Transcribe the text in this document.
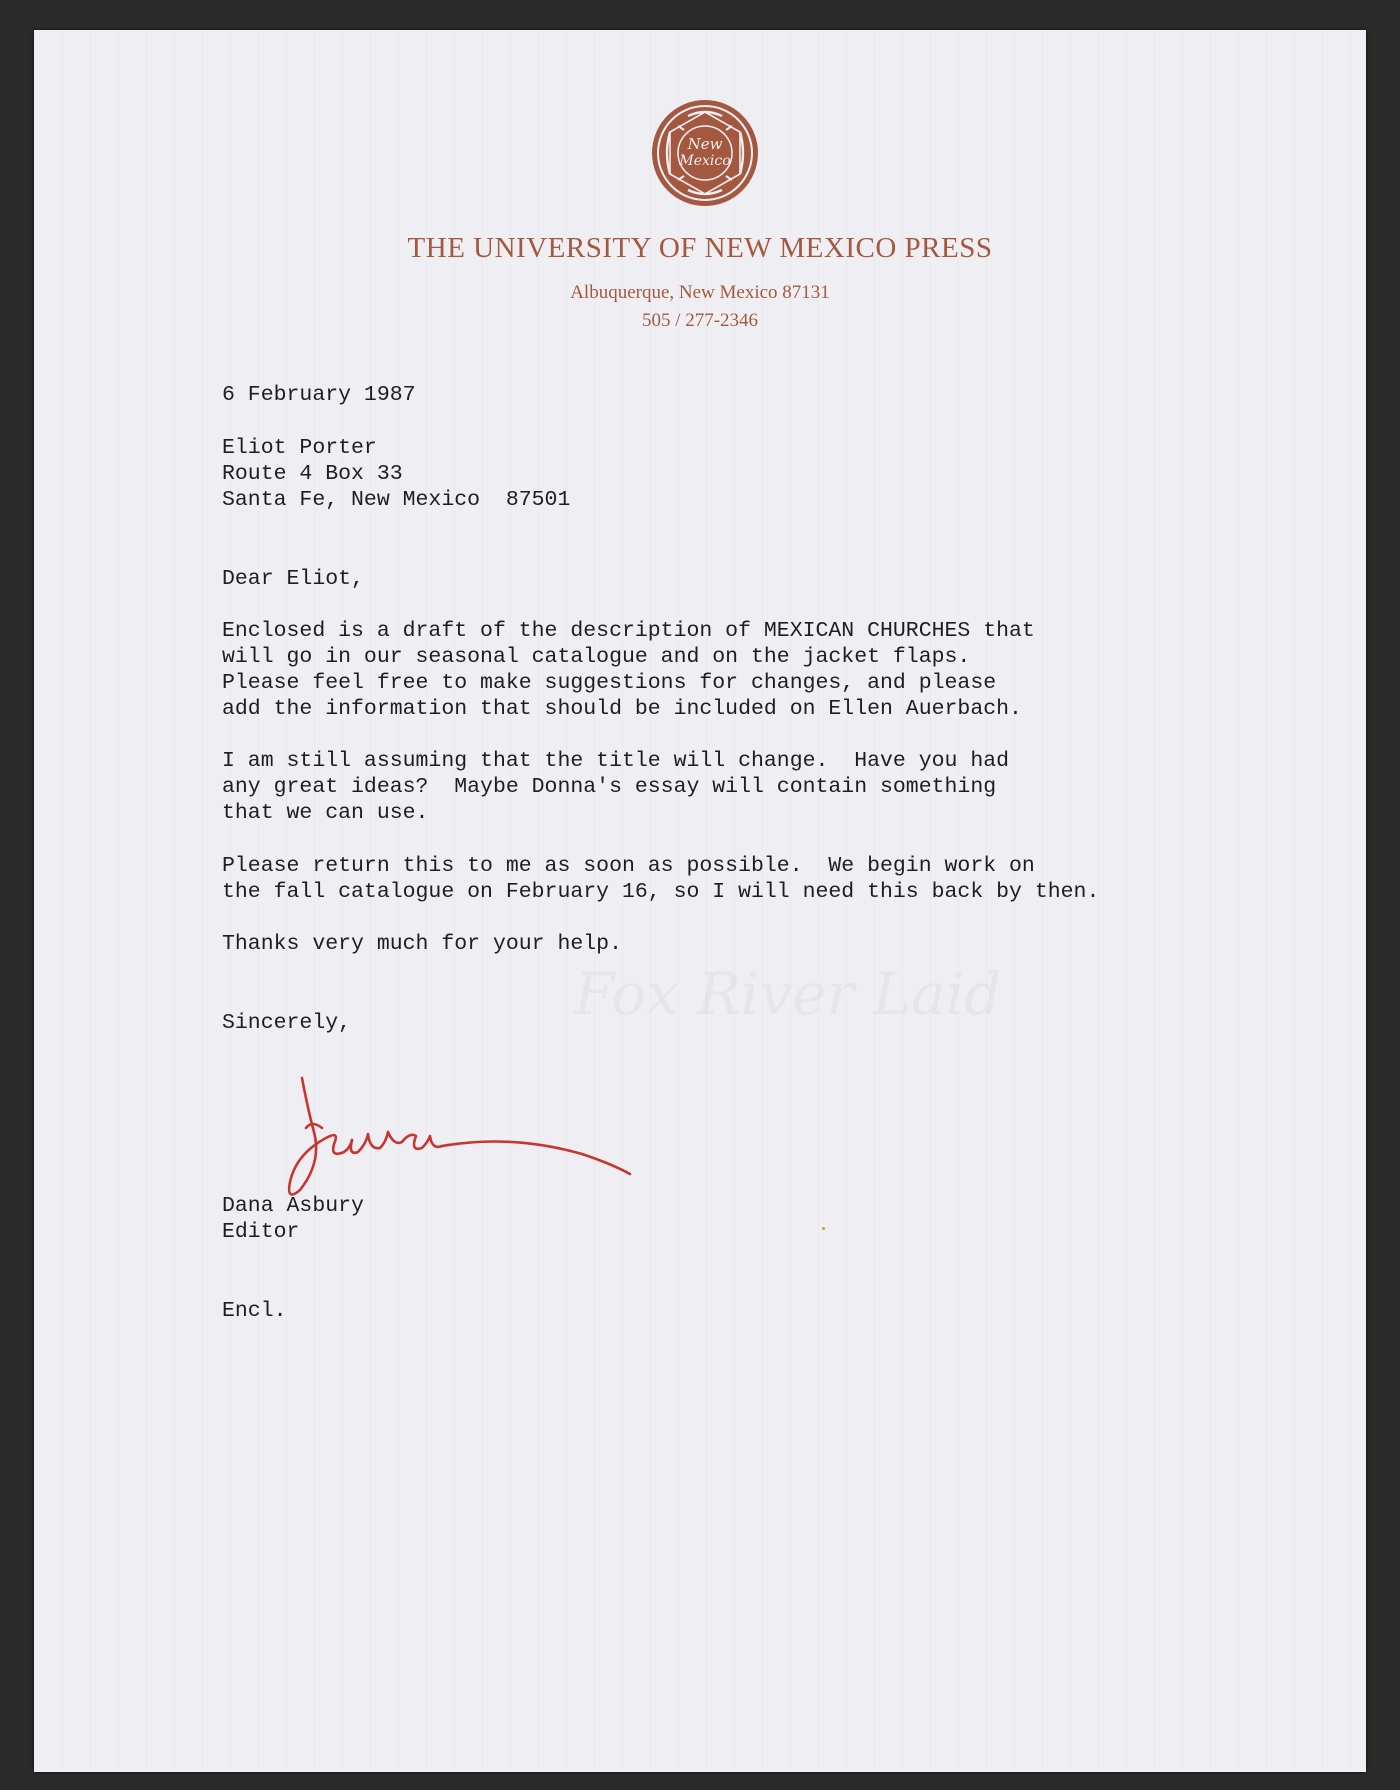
New
Mexico
THE UNIVERSITY OF NEW MEXICO PRESS
Albuquerque, New Mexico 87131
505 / 277-2346
6 February 1987
Eliot Porter
Route 4 Box 33
Santa Fe, New Mexico  87501
Dear Eliot,
Enclosed is a draft of the description of MEXICAN CHURCHES that
will go in our seasonal catalogue and on the jacket flaps.
Please feel free to make suggestions for changes, and please
add the information that should be included on Ellen Auerbach.
I am still assuming that the title will change.  Have you had
any great ideas?  Maybe Donna's essay will contain something
that we can use.
Please return this to me as soon as possible.  We begin work on
the fall catalogue on February 16, so I will need this back by then.
Thanks very much for your help.
Sincerely,
Dana Asbury
Editor
Encl.
